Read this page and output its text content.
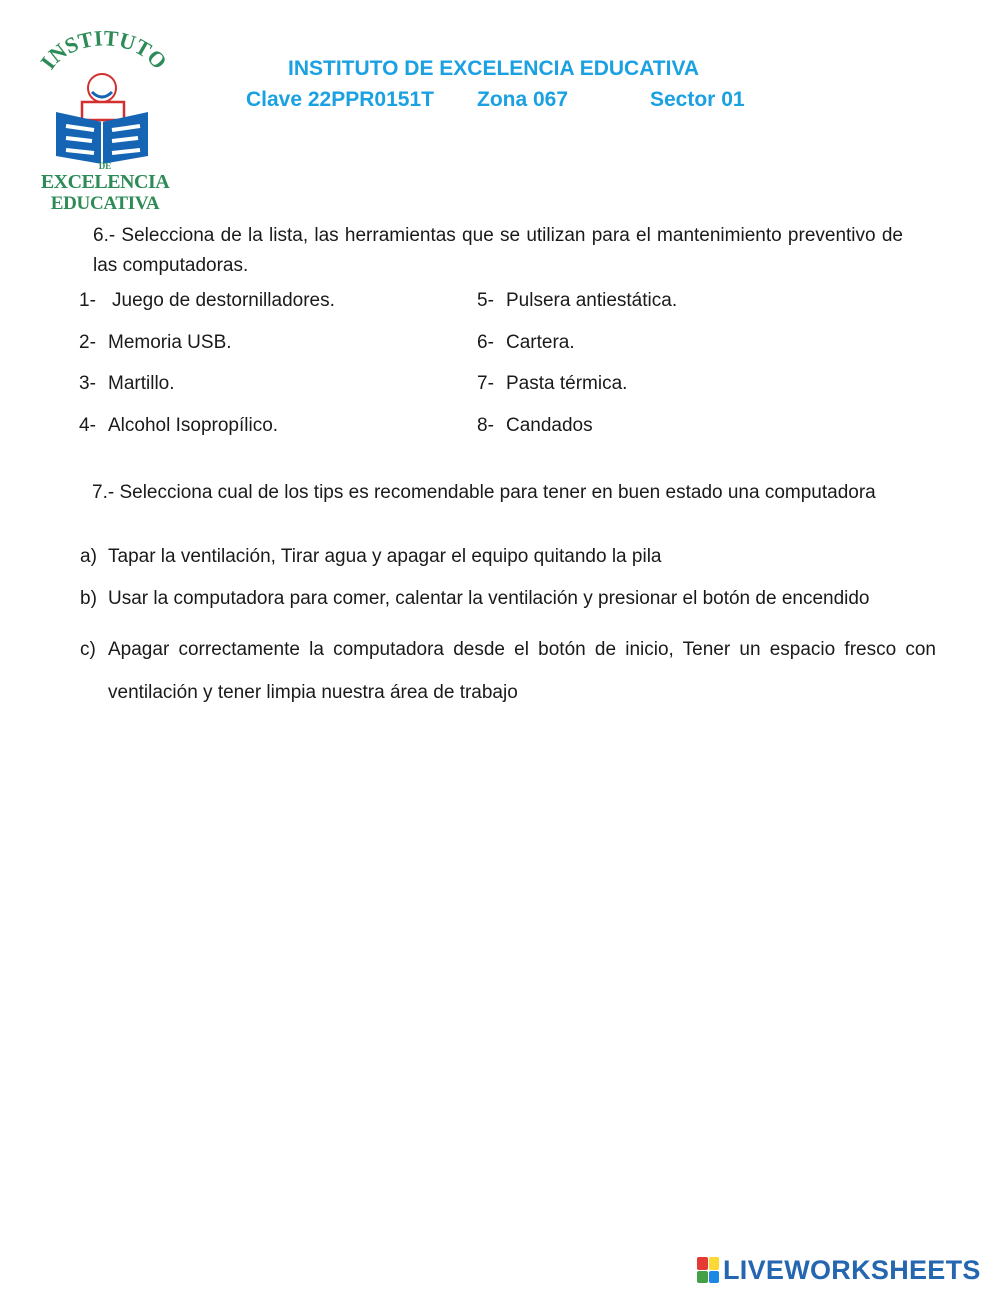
INSTITUTO
DE
EXCELENCIA
EDUCATIVA
INSTITUTO DE EXCELENCIA EDUCATIVA
Clave 22PPR0151T Zona 067	Sector 01
6.- Selecciona de la lista, las herramientas que se utilizan para el mantenimiento preventivo de las computadoras.
1- Juego de destornilladores.
2- Memoria USB.
3- Martillo.
4- Alcohol Isopropílico.
5- Pulsera antiestática.
6- Cartera.
7- Pasta térmica.
8- Candados
7.- Selecciona cual de los tips es recomendable para tener en buen estado una computadora
a) Tapar la ventilación, Tirar agua y apagar el equipo quitando la pila
b) Usar la computadora para comer, calentar la ventilación y presionar el botón de encendido
c) Apagar correctamente la computadora desde el botón de inicio, Tener un espacio fresco con ventilación y tener limpia nuestra área de trabajo
LIVEWORKSHEETS
